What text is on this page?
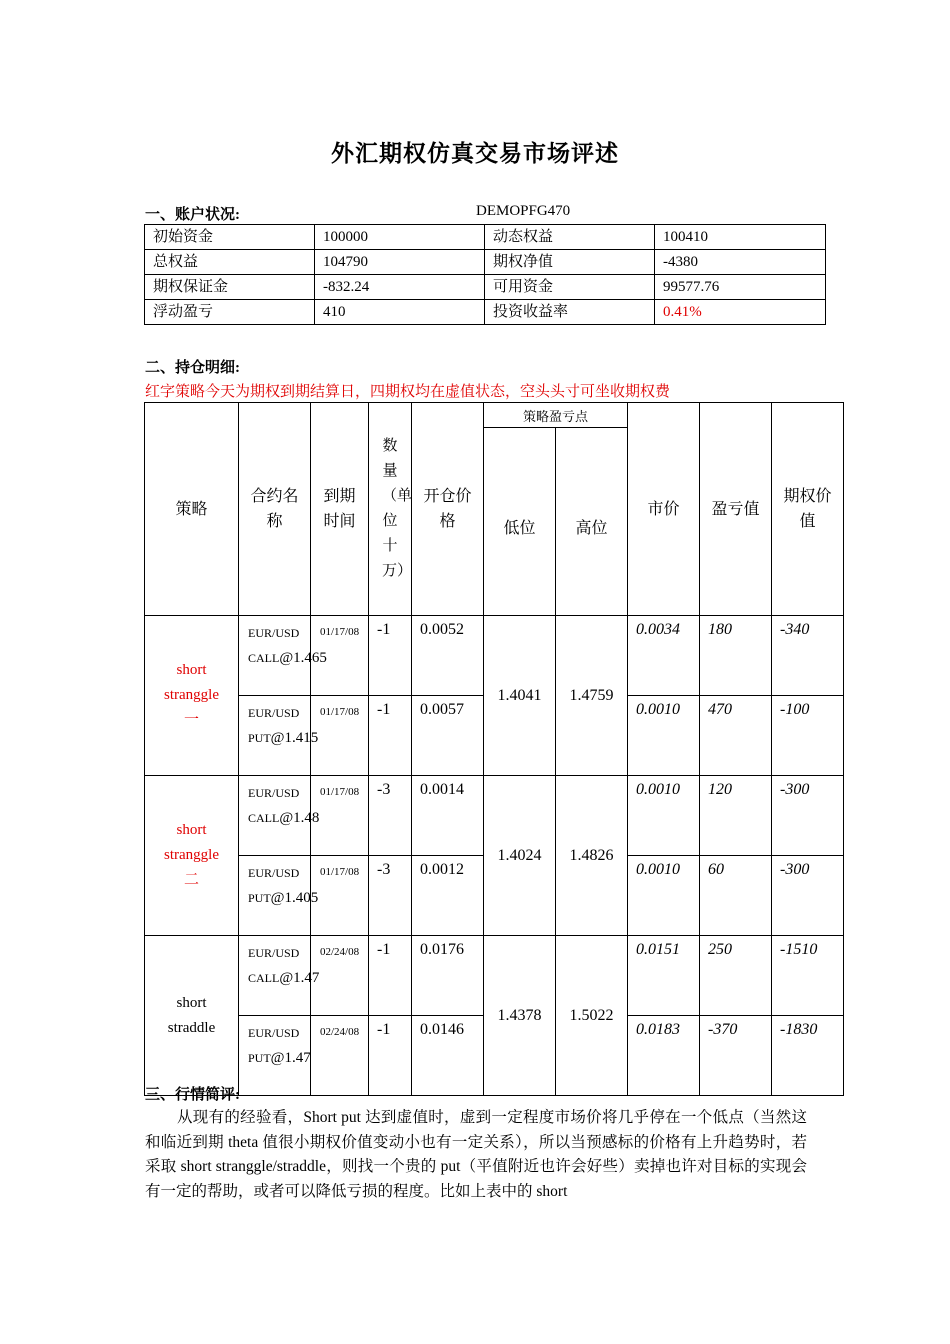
外汇期权仿真交易市场评述
一、账户状况:	DEMOPFG470
初始资金	100000	动态权益	100410
总权益	104790	期权净值	-4380
期权保证金	-832.24	可用资金	99577.76
浮动盈亏	410	投资收益率	0.41%
二、持仓明细:
红字策略今天为期权到期结算日，四期权均在虚值状态，空头头寸可坐收期权费
策略	合约名称	到期时间	数量（单位十万）	开仓价格	策略盈亏点		市价	盈亏值	期权价值
					低位	高位			
short stranggle一	EUR/USD
CALL@1.465	01/17/08	-1	0.0052	1.4041	1.4759	0.0034	180	-340
	EUR/USD
PUT@1.415	01/17/08	-1	0.0057			0.0010	470	-100
short stranggle二	EUR/USD
CALL@1.48	01/17/08	-3	0.0014	1.4024	1.4826	0.0010	120	-300
	EUR/USD
PUT@1.405	01/17/08	-3	0.0012			0.0010	60	-300
short straddle	EUR/USD
CALL@1.47	02/24/08	-1	0.0176	1.4378	1.5022	0.0151	250	-1510
	EUR/USD
PUT@1.47	02/24/08	-1	0.0146			0.0183	-370	-1830
三、行情简评:

从现有的经验看，Short put 达到虚值时，虚到一定程度市场价将几乎停在一个低点（当然这和临近到期 theta 值很小期权价值变动小也有一定关系），所以当预感标的价格有上升趋势时，若采取 short stranggle/straddle，则找一个贵的 put（平值附近也许会好些）卖掉也许对目标的实现会有一定的帮助，或者可以降低亏损的程度。比如上表中的 short
